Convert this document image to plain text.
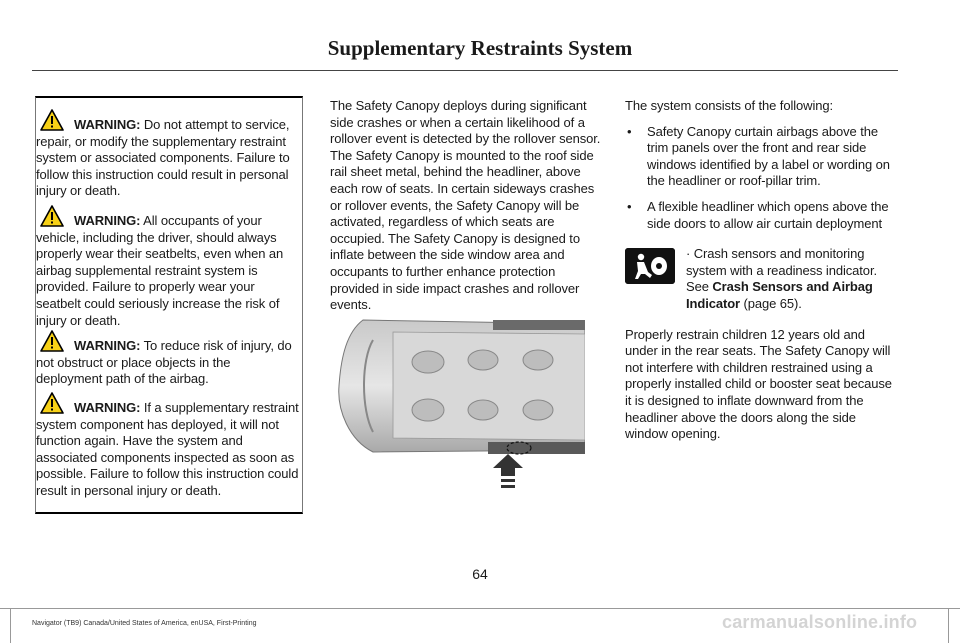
Supplementary Restraints System

WARNING: Do not attempt to service, repair, or modify the supplementary restraint system or associated components. Failure to follow this instruction could result in personal injury or death.

WARNING: All occupants of your vehicle, including the driver, should always properly wear their seatbelts, even when an airbag supplemental restraint system is provided. Failure to properly wear your seatbelt could seriously increase the risk of injury or death.

WARNING: To reduce risk of injury, do not obstruct or place objects in the deployment path of the airbag.

WARNING: If a supplementary restraint system component has deployed, it will not function again. Have the system and associated components inspected as soon as possible. Failure to follow this instruction could result in personal injury or death.

The Safety Canopy deploys during significant side crashes or when a certain likelihood of a rollover event is detected by the rollover sensor. The Safety Canopy is mounted to the roof side rail sheet metal, behind the headliner, above each row of seats. In certain sideways crashes or rollover events, the Safety Canopy will be activated, regardless of which seats are occupied. The Safety Canopy is designed to inflate between the side window area and occupants to further enhance protection provided in side impact crashes and rollover events.

The system consists of the following:

• Safety Canopy curtain airbags above the trim panels over the front and rear side windows identified by a label or wording on the headliner or roof-pillar trim.

• A flexible headliner which opens above the side doors to allow air curtain deployment

· Crash sensors and monitoring system with a readiness indicator. See Crash Sensors and Airbag Indicator (page 65).

Properly restrain children 12 years old and under in the rear seats. The Safety Canopy will not interfere with children restrained using a properly installed child or booster seat because it is designed to inflate downward from the headliner above the doors along the side window opening.

64
Navigator (TB9) Canada/United States of America, enUSA, First-Printing	carmanualsonline.info
